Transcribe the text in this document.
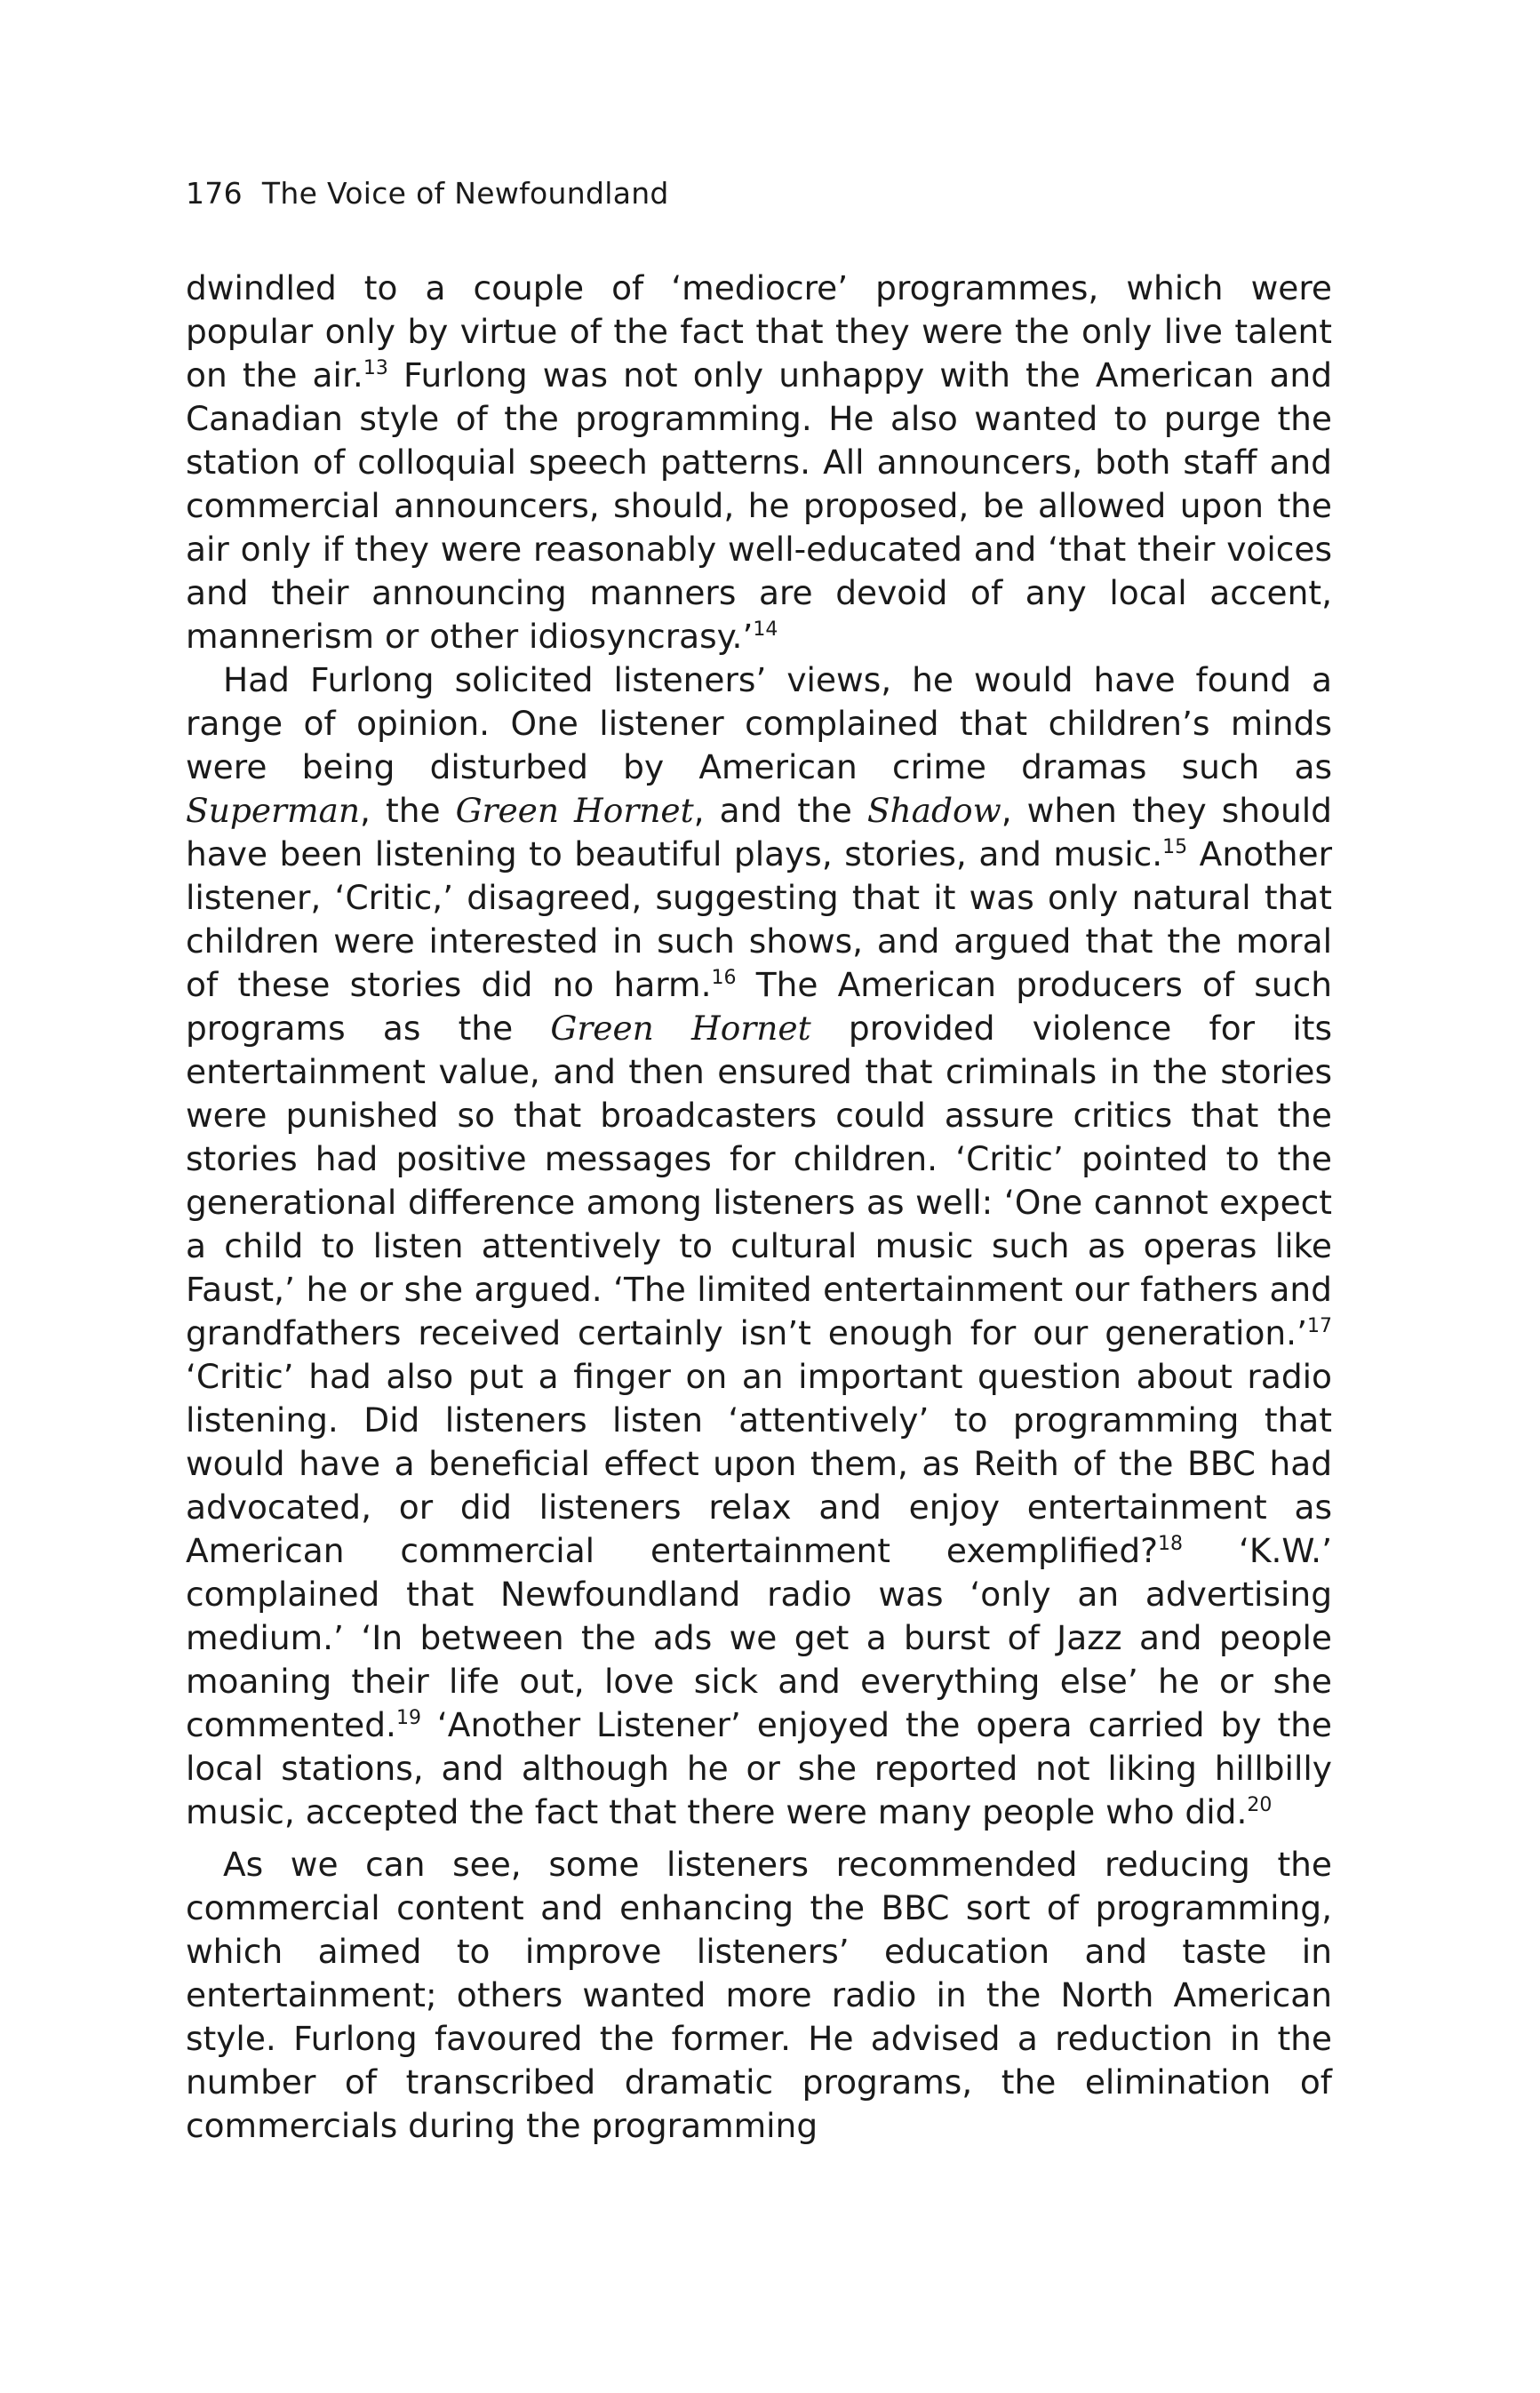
176 The Voice of Newfoundland

dwindled to a couple of ‘mediocre’ programmes, which were popular only by virtue of the fact that they were the only live talent on the air.$^{13}$ Furlong was not only unhappy with the American and Canadian style of the programming. He also wanted to purge the station of colloquial speech patterns. All announcers, both staff and commercial announcers, should, he proposed, be allowed upon the air only if they were reasonably well-educated and ‘that their voices and their announcing manners are devoid of any local accent, mannerism or other idiosyncrasy.’$^{14}$

Had Furlong solicited listeners’ views, he would have found a range of opinion. One listener complained that children’s minds were being disturbed by American crime dramas such as Superman, the Green Hornet, and the Shadow, when they should have been listening to beautiful plays, stories, and music.$^{15}$ Another listener, ‘Critic,’ disagreed, suggesting that it was only natural that children were interested in such shows, and argued that the moral of these stories did no harm.$^{16}$ The American producers of such programs as the Green Hornet provided violence for its entertainment value, and then ensured that criminals in the stories were punished so that broadcasters could assure critics that the stories had positive messages for children. ‘Critic’ pointed to the generational difference among listeners as well: ‘One cannot expect a child to listen attentively to cultural music such as operas like Faust,’ he or she argued. ‘The limited entertainment our fathers and grandfathers received certainly isn’t enough for our generation.’$^{17}$ ‘Critic’ had also put a finger on an important question about radio listening. Did listeners listen ‘attentively’ to programming that would have a beneficial effect upon them, as Reith of the BBC had advocated, or did listeners relax and enjoy entertainment as American commercial entertainment exemplified?$^{18}$ ‘K.W.’ complained that Newfoundland radio was ‘only an advertising medium.’ ‘In between the ads we get a burst of Jazz and people moaning their life out, love sick and everything else’ he or she commented.$^{19}$ ‘Another Listener’ enjoyed the opera carried by the local stations, and although he or she reported not liking hillbilly music, accepted the fact that there were many people who did.$^{20}$

As we can see, some listeners recommended reducing the commercial content and enhancing the BBC sort of programming, which aimed to improve listeners’ education and taste in entertainment; others wanted more radio in the North American style. Furlong favoured the former. He advised a reduction in the number of transcribed dramatic programs, the elimination of commercials during the programming
